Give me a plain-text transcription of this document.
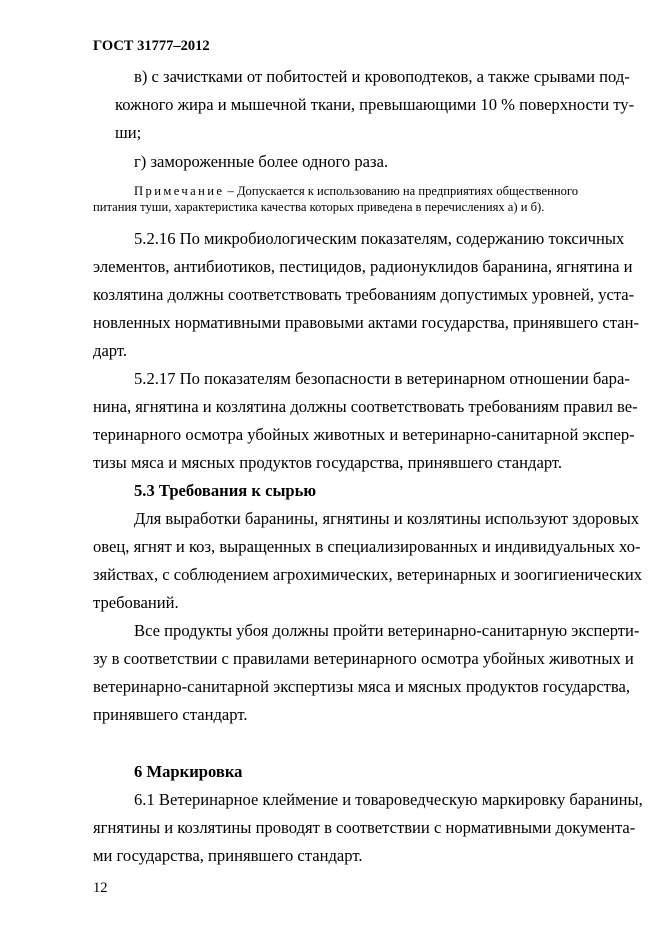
ГОСТ 31777–2012
в) с зачистками от побитостей и кровоподтеков, а также срывами под-
кожного жира и мышечной ткани, превышающими 10 % поверхности ту-
ши;
г) замороженные более одного раза.
Примечание – Допускается к использованию на предприятиях общественного
питания туши, характеристика качества которых приведена в перечислениях а) и б).
5.2.16 По микробиологическим показателям, содержанию токсичных
элементов, антибиотиков, пестицидов, радионуклидов баранина, ягнятина и
козлятина должны соответствовать требованиям допустимых уровней, уста-
новленных нормативными правовыми актами государства, принявшего стан-
дарт.
5.2.17 По показателям безопасности в ветеринарном отношении бара-
нина, ягнятина и козлятина должны соответствовать требованиям правил ве-
теринарного осмотра убойных животных и ветеринарно-санитарной экспер-
тизы мяса и мясных продуктов государства, принявшего стандарт.
5.3 Требования к сырью
Для выработки баранины, ягнятины и козлятины используют здоровых
овец, ягнят и коз, выращенных в специализированных и индивидуальных хо-
зяйствах, с соблюдением агрохимических, ветеринарных и зоогигиенических
требований.
Все продукты убоя должны пройти ветеринарно-санитарную эксперти-
зу в соответствии с правилами ветеринарного осмотра убойных животных и
ветеринарно-санитарной экспертизы мяса и мясных продуктов государства,
принявшего стандарт.
6 Маркировка
6.1 Ветеринарное клеймение и товароведческую маркировку баранины,
ягнятины и козлятины проводят в соответствии с нормативными документа-
ми государства, принявшего стандарт.
12
